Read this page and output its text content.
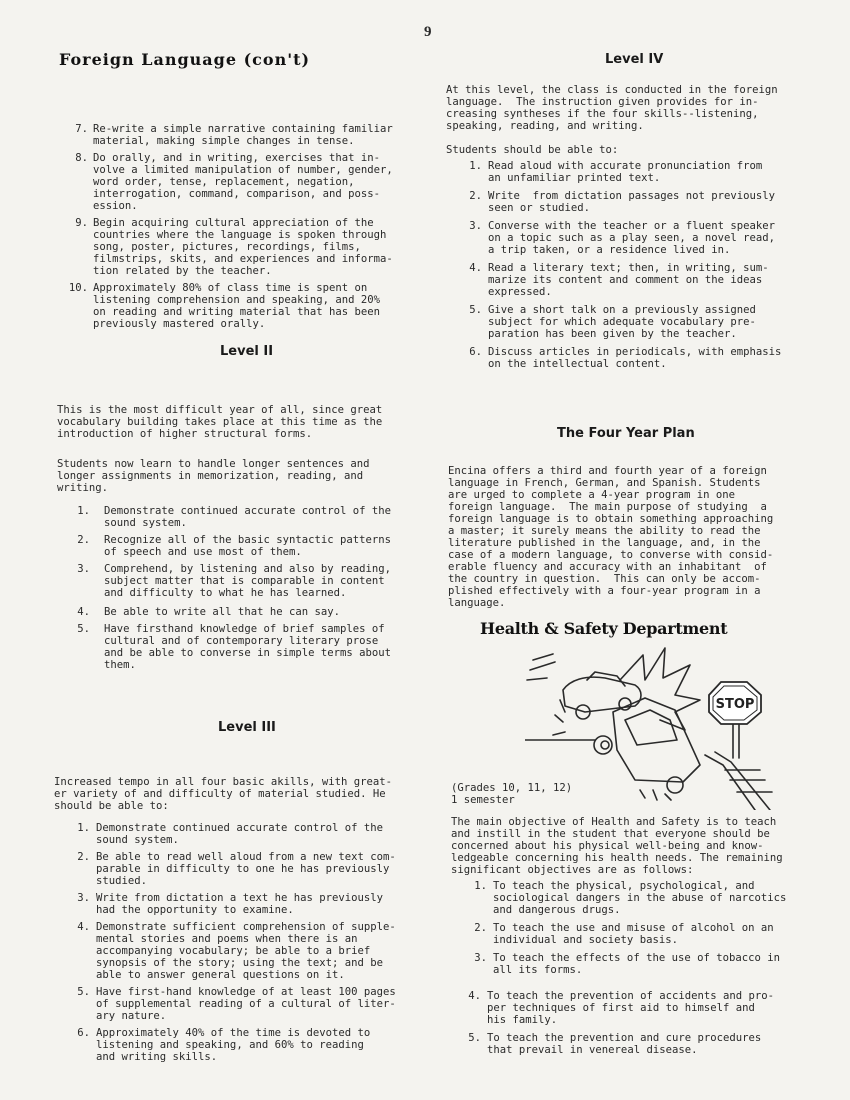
9
Foreign Language (con't)
7. Re-write a simple narrative containing familiar
material, making simple changes in tense.
8. Do orally, and in writing, exercises that in-
volve a limited manipulation of number, gender,
word order, tense, replacement, negation,
interrogation, command, comparison, and poss-
ession.
9. Begin acquiring cultural appreciation of the
countries where the language is spoken through
song, poster, pictures, recordings, films,
filmstrips, skits, and experiences and informa-
tion related by the teacher.
10. Approximately 80% of class time is spent on
listening comprehension and speaking, and 20%
on reading and writing material that has been
previously mastered orally.
Level II
This is the most difficult year of all, since great
vocabulary building takes place at this time as the
introduction of higher structural forms.
Students now learn to handle longer sentences and
longer assignments in memorization, reading, and
writing.
1. Demonstrate continued accurate control of the
sound system.
2. Recognize all of the basic syntactic patterns
of speech and use most of them.
3. Comprehend, by listening and also by reading,
subject matter that is comparable in content
and difficulty to what he has learned.
4. Be able to write all that he can say.
5. Have firsthand knowledge of brief samples of
cultural and of contemporary literary prose
and be able to converse in simple terms about
them.
Level III
Increased tempo in all four basic akills, with great-
er variety of and difficulty of material studied. He
should be able to:
1. Demonstrate continued accurate control of the
sound system.
2. Be able to read well aloud from a new text com-
parable in difficulty to one he has previously
studied.
3. Write from dictation a text he has previously
had the opportunity to examine.
4. Demonstrate sufficient comprehension of supple-
mental stories and poems when there is an
accompanying vocabulary; be able to a brief
synopsis of the story; using the text; and be
able to answer general questions on it.
5. Have first-hand knowledge of at least 100 pages
of supplemental reading of a cultural of liter-
ary nature.
6. Approximately 40% of the time is devoted to
listening and speaking, and 60% to reading
and writing skills.
Level IV
At this level, the class is conducted in the foreign
language.  The instruction given provides for in-
creasing syntheses if the four skills--listening,
speaking, reading, and writing.
Students should be able to:
1. Read aloud with accurate pronunciation from
an unfamiliar printed text.
2. Write  from dictation passages not previously
seen or studied.
3. Converse with the teacher or a fluent speaker
on a topic such as a play seen, a novel read,
a trip taken, or a residence lived in.
4. Read a literary text; then, in writing, sum-
marize its content and comment on the ideas
expressed.
5. Give a short talk on a previously assigned
subject for which adequate vocabulary pre-
paration has been given by the teacher.
6. Discuss articles in periodicals, with emphasis
on the intellectual content.
The Four Year Plan
Encina offers a third and fourth year of a foreign
language in French, German, and Spanish. Students
are urged to complete a 4-year program in one
foreign language.  The main purpose of studying  a
foreign language is to obtain something approaching
a master; it surely means the ability to read the
literature published in the language, and, in the
case of a modern language, to converse with consid-
erable fluency and accuracy with an inhabitant  of
the country in question.  This can only be accom-
plished effectively with a four-year program in a
language.
Health & Safety Department
STOP
(Grades 10, 11, 12)
1 semester
The main objective of Health and Safety is to teach
and instill in the student that everyone should be
concerned about his physical well-being and know-
ledgeable concerning his health needs. The remaining
significant objectives are as follows:
1. To teach the physical, psychological, and
sociological dangers in the abuse of narcotics
and dangerous drugs.
2. To teach the use and misuse of alcohol on an
individual and society basis.
3. To teach the effects of the use of tobacco in
all its forms.
4. To teach the prevention of accidents and pro-
per techniques of first aid to himself and
his family.
5. To teach the prevention and cure procedures
that prevail in venereal disease.
